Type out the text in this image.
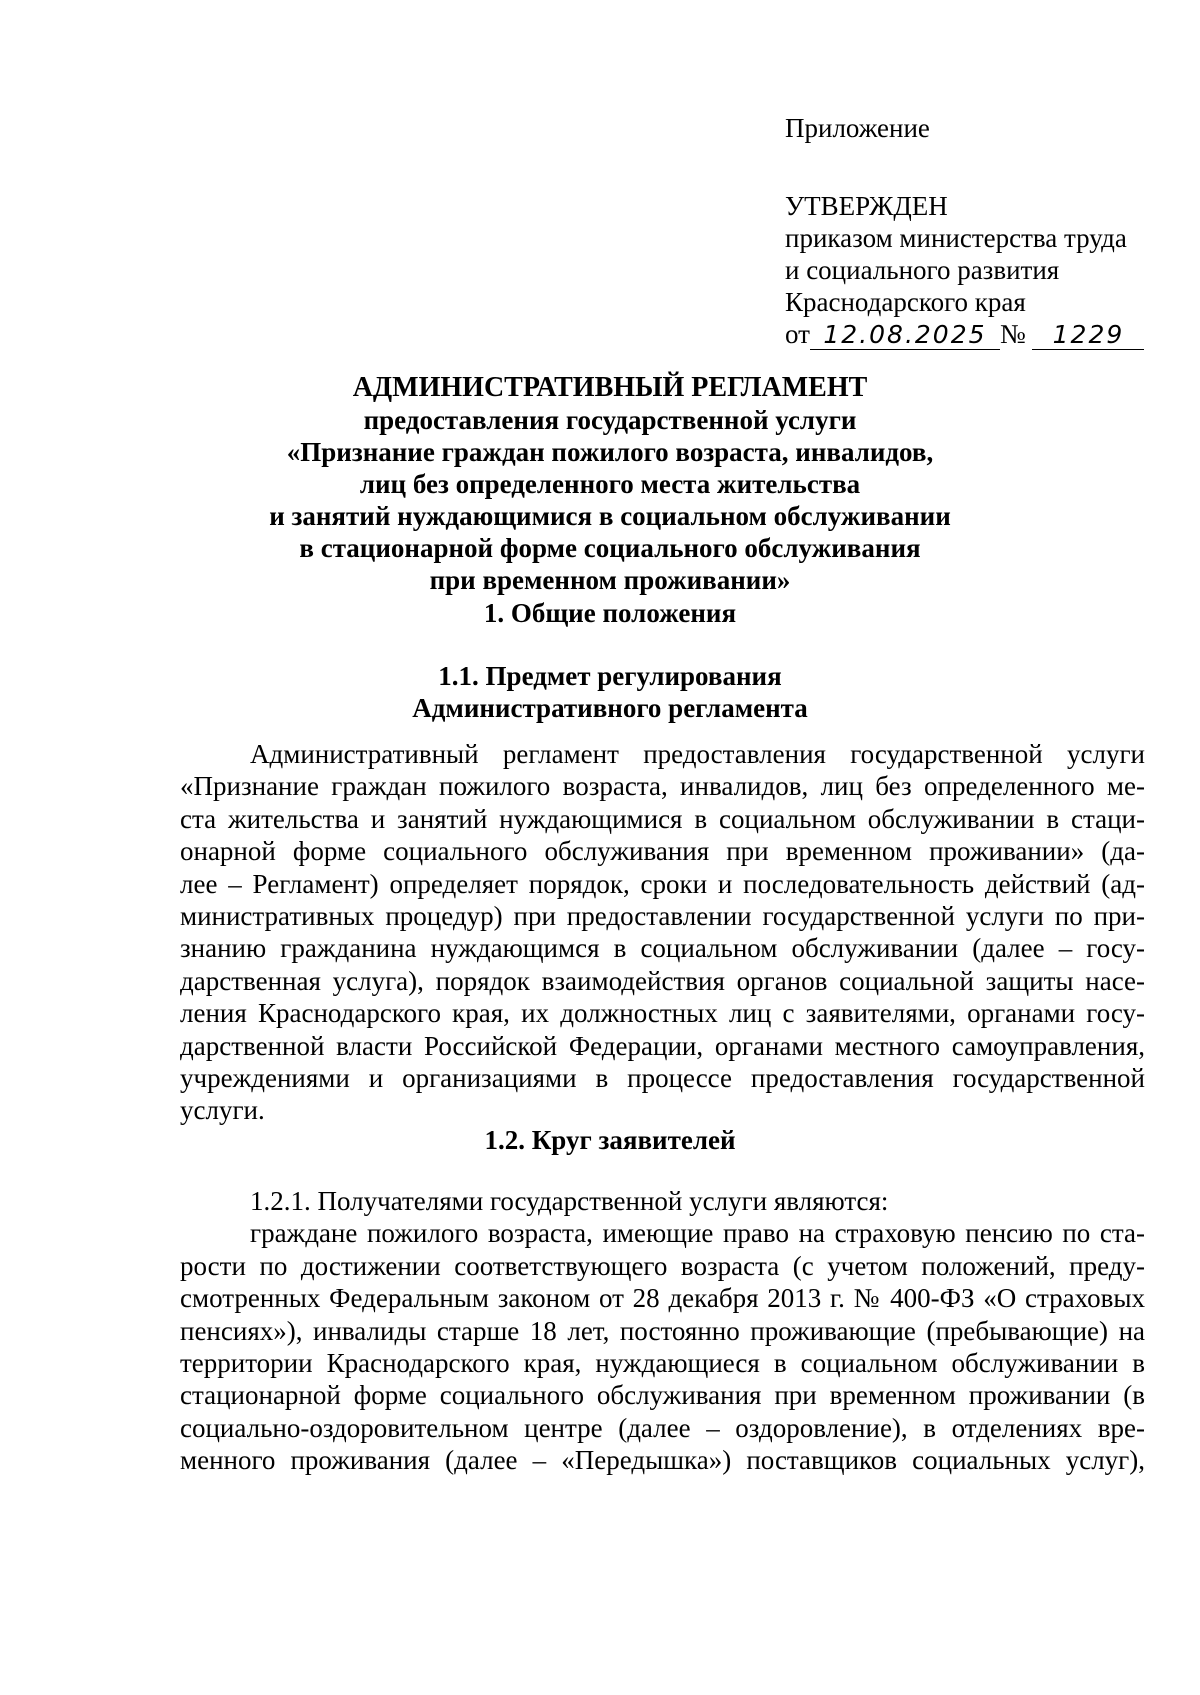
Приложение
УТВЕРЖДЕН
приказом министерства труда
и социального развития
Краснодарского края
от 12.08.2025 № 1229
АДМИНИСТРАТИВНЫЙ РЕГЛАМЕНТ
предоставления государственной услуги
«Признание граждан пожилого возраста, инвалидов,
лиц без определенного места жительства
и занятий нуждающимися в социальном обслуживании
в стационарной форме социального обслуживания
при временном проживании»
1. Общие положения
1.1. Предмет регулирования
Административного регламента
Административный регламент предоставления государственной услуги
«Признание граждан пожилого возраста, инвалидов, лиц без определенного ме-
ста жительства и занятий нуждающимися в социальном обслуживании в стаци-
онарной форме социального обслуживания при временном проживании» (да-
лее – Регламент) определяет порядок, сроки и последовательность действий (ад-
министративных процедур) при предоставлении государственной услуги по при-
знанию гражданина нуждающимся в социальном обслуживании (далее – госу-
дарственная услуга), порядок взаимодействия органов социальной защиты насе-
ления Краснодарского края, их должностных лиц с заявителями, органами госу-
дарственной власти Российской Федерации, органами местного самоуправления,
учреждениями и организациями в процессе предоставления государственной
услуги.
1.2. Круг заявителей
1.2.1. Получателями государственной услуги являются:
граждане пожилого возраста, имеющие право на страховую пенсию по ста-
рости по достижении соответствующего возраста (с учетом положений, преду-
смотренных Федеральным законом от 28 декабря 2013 г. № 400-ФЗ «О страховых
пенсиях»), инвалиды старше 18 лет, постоянно проживающие (пребывающие) на
территории Краснодарского края, нуждающиеся в социальном обслуживании в
стационарной форме социального обслуживания при временном проживании (в
социально-оздоровительном центре (далее – оздоровление), в отделениях вре-
менного проживания (далее – «Передышка») поставщиков социальных услуг),
